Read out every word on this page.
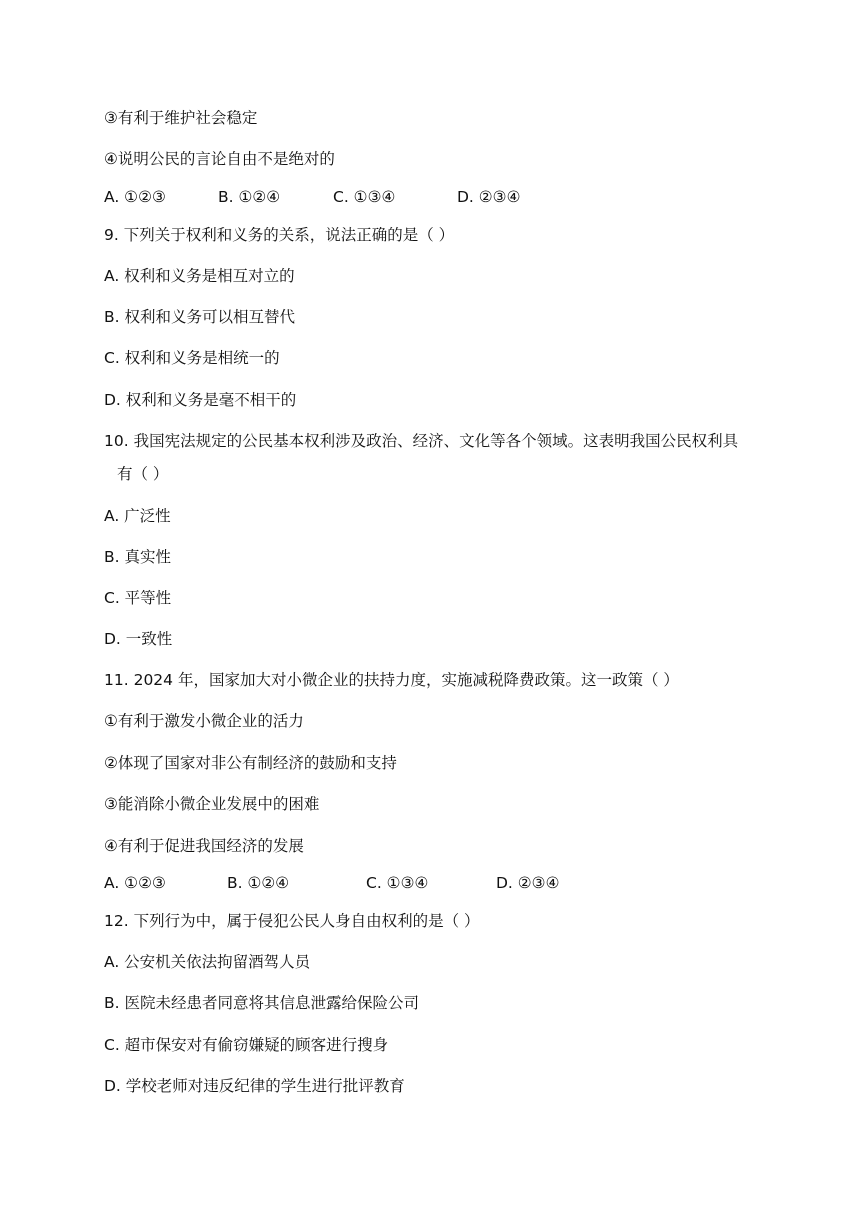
③有利于维护社会稳定
④说明公民的言论自由不是绝对的
A. ①②③	B. ①②④	C. ①③④	D. ②③④
9. 下列关于权利和义务的关系，说法正确的是（ ）
A. 权利和义务是相互对立的
B. 权利和义务可以相互替代
C. 权利和义务是相统一的
D. 权利和义务是毫不相干的
10. 我国宪法规定的公民基本权利涉及政治、经济、文化等各个领域。这表明我国公民权利具
有（ ）
A. 广泛性
B. 真实性
C. 平等性
D. 一致性
11. 2024 年，国家加大对小微企业的扶持力度，实施减税降费政策。这一政策（ ）
①有利于激发小微企业的活力
②体现了国家对非公有制经济的鼓励和支持
③能消除小微企业发展中的困难
④有利于促进我国经济的发展
A. ①②③	B. ①②④	C. ①③④	D. ②③④
12. 下列行为中，属于侵犯公民人身自由权利的是（ ）
A. 公安机关依法拘留酒驾人员
B. 医院未经患者同意将其信息泄露给保险公司
C. 超市保安对有偷窃嫌疑的顾客进行搜身
D. 学校老师对违反纪律的学生进行批评教育
